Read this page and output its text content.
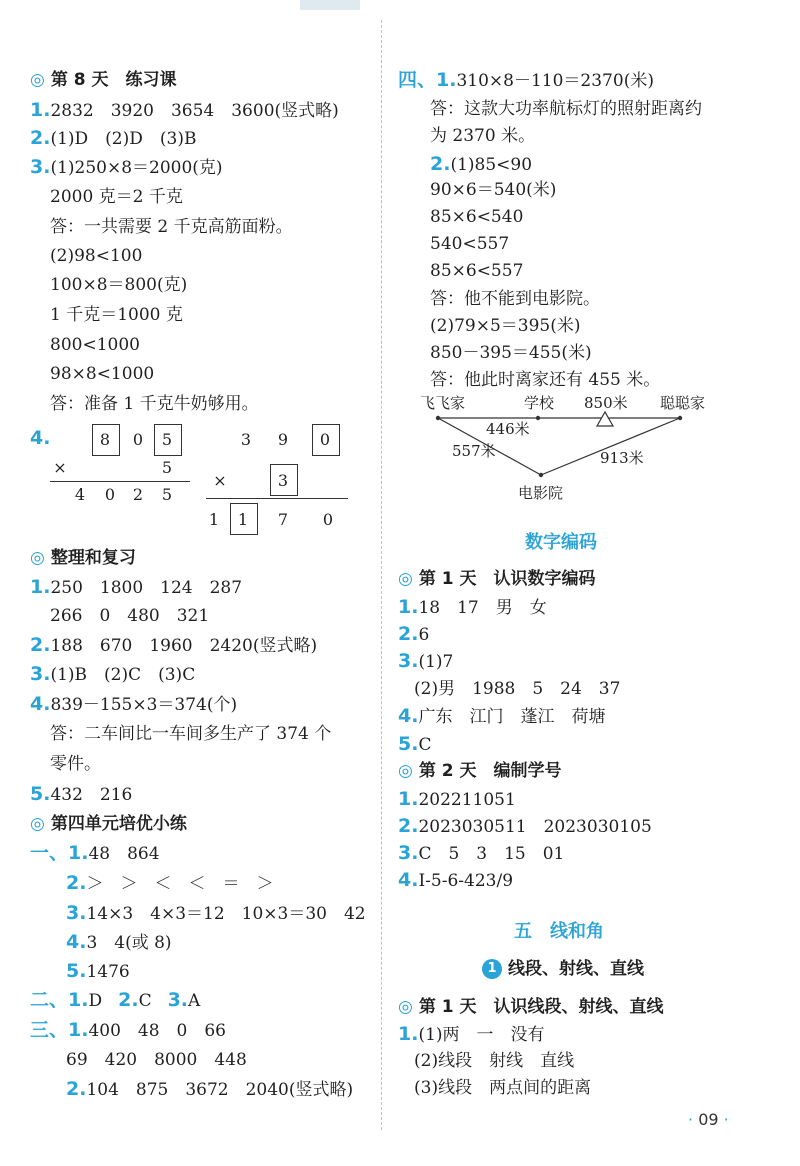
◎ 第 8 天　练习课
1.2832　3920　3654　3600(竖式略)
2.(1)D　(2)D　(3)B
3.(1)250×8＝2000(克)
2000 克＝2 千克
答：一共需要 2 千克高筋面粉。
(2)98<100
100×8＝800(克)
1 千克＝1000 克
800<1000
98×8<1000
答：准备 1 千克牛奶够用。
4.	8	0	5
×	5
4	0	2	5
3	9	0
×	3
1	1	7	0
◎ 整理和复习
1.250　1800　124　287
266　0　480　321
2.188　670　1960　2420(竖式略)
3.(1)B　(2)C　(3)C
4.839－155×3＝374(个)
答：二车间比一车间多生产了 374 个
零件。
5.432　216
◎ 第四单元培优小练
一、1.48　864
2.＞　＞　＜　＜　＝　＞
3.14×3　4×3＝12　10×3＝30　42
4.3　4(或 8)
5.1476
二、1.D 2.C 3.A
三、1.400　48　0　66
69　420　8000　448
2.104　875　3672　2040(竖式略)
四、1.310×8－110＝2370(米)
答：这款大功率航标灯的照射距离约
为 2370 米。
2.(1)85<90
90×6＝540(米)
85×6<540
540<557
85×6<557
答：他不能到电影院。
(2)79×5＝395(米)
850－395＝455(米)
答：他此时离家还有 455 米。
飞飞家	学校 850米 聪聪家
446米
557米	913米
电影院
数字编码
◎ 第 1 天　认识数字编码
1.18　17　男　女
2.6
3.(1)7
(2)男　1988　5　24　37
4.广东　江门　蓬江　荷塘
5.C
◎ 第 2 天　编制学号
1.202211051
2.2023030511　2023030105
3.C　5　3　15　01
4.I-5-6-423/9
五　线和角
1 线段、射线、直线
◎ 第 1 天　认识线段、射线、直线
1.(1)两　一　没有
(2)线段　射线　直线
(3)线段　两点间的距离
· 09 ·
